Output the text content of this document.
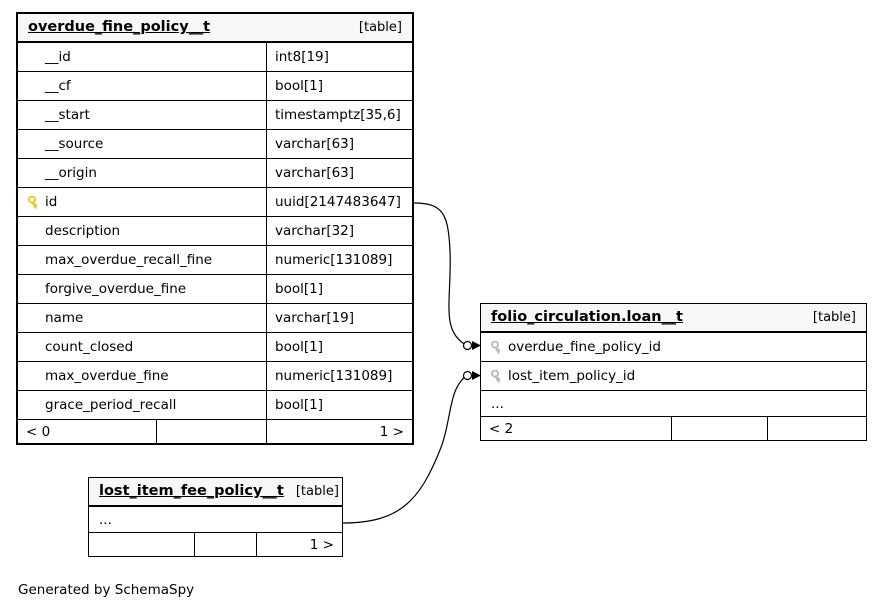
overdue_fine_policy__t	[table]
__id	int8[19]
__cf	bool[1]
__start	timestamptz[35,6]
__source	varchar[63]
__origin	varchar[63]
id	uuid[2147483647]
description	varchar[32]
max_overdue_recall_fine	numeric[131089]
forgive_overdue_fine	bool[1]
name	varchar[19]
count_closed	bool[1]
max_overdue_fine	numeric[131089]
grace_period_recall	bool[1]
< 0	1 >
folio_circulation.loan__t	[table]
overdue_fine_policy_id
lost_item_policy_id
...
< 2
lost_item_fee_policy__t [table]
...
1 >
Generated by SchemaSpy
